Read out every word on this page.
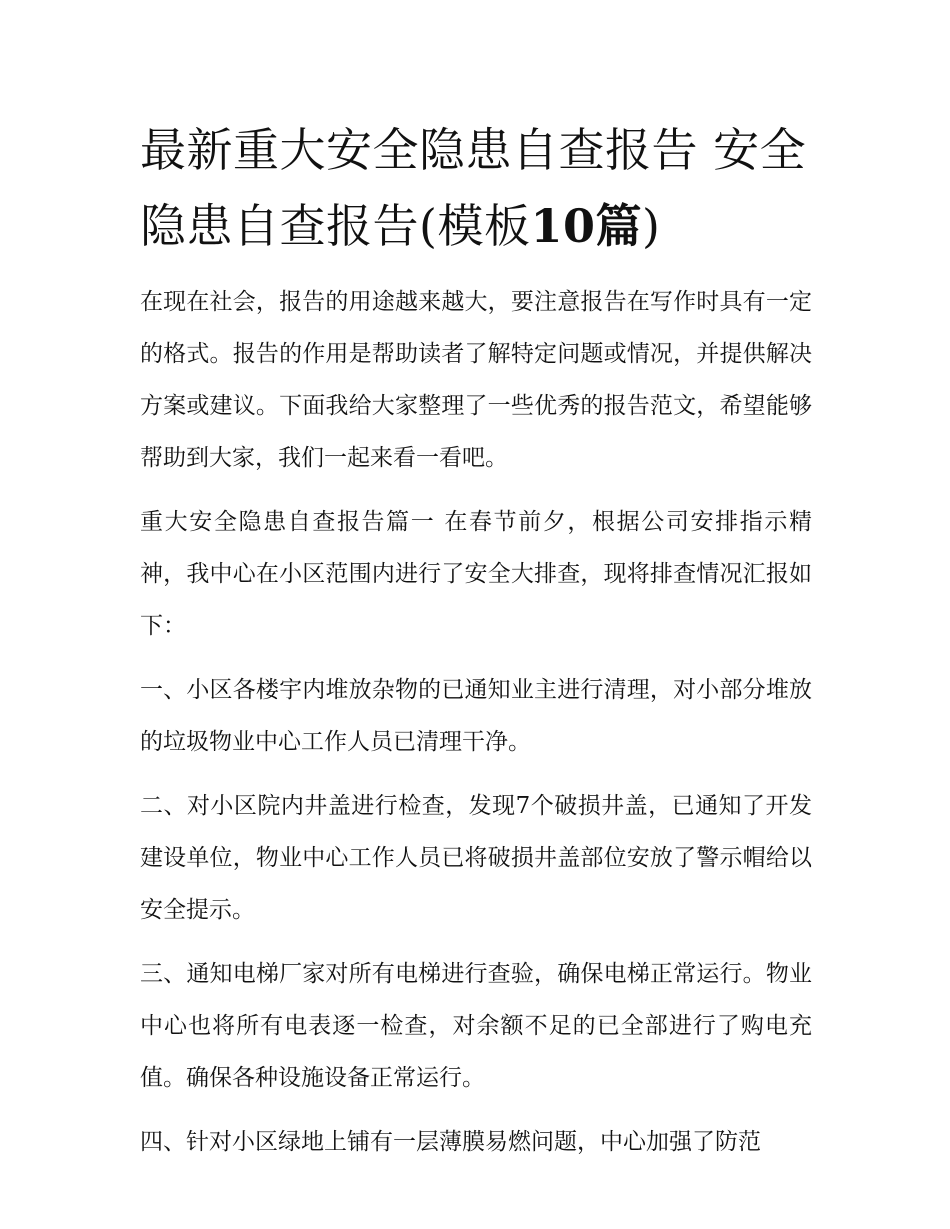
最新重大安全隐患自查报告 安全隐患自查报告(模板10篇)

在现在社会，报告的用途越来越大，要注意报告在写作时具有一定的格式。报告的作用是帮助读者了解特定问题或情况，并提供解决方案或建议。下面我给大家整理了一些优秀的报告范文，希望能够帮助到大家，我们一起来看一看吧。

重大安全隐患自查报告篇一 在春节前夕，根据公司安排指示精神，我中心在小区范围内进行了安全大排查，现将排查情况汇报如下：

一、小区各楼宇内堆放杂物的已通知业主进行清理，对小部分堆放的垃圾物业中心工作人员已清理干净。

二、对小区院内井盖进行检查，发现7个破损井盖，已通知了开发建设单位，物业中心工作人员已将破损井盖部位安放了警示帽给以安全提示。

三、通知电梯厂家对所有电梯进行查验，确保电梯正常运行。物业中心也将所有电表逐一检查，对余额不足的已全部进行了购电充值。确保各种设施设备正常运行。

四、针对小区绿地上铺有一层薄膜易燃问题，中心加强了防范
